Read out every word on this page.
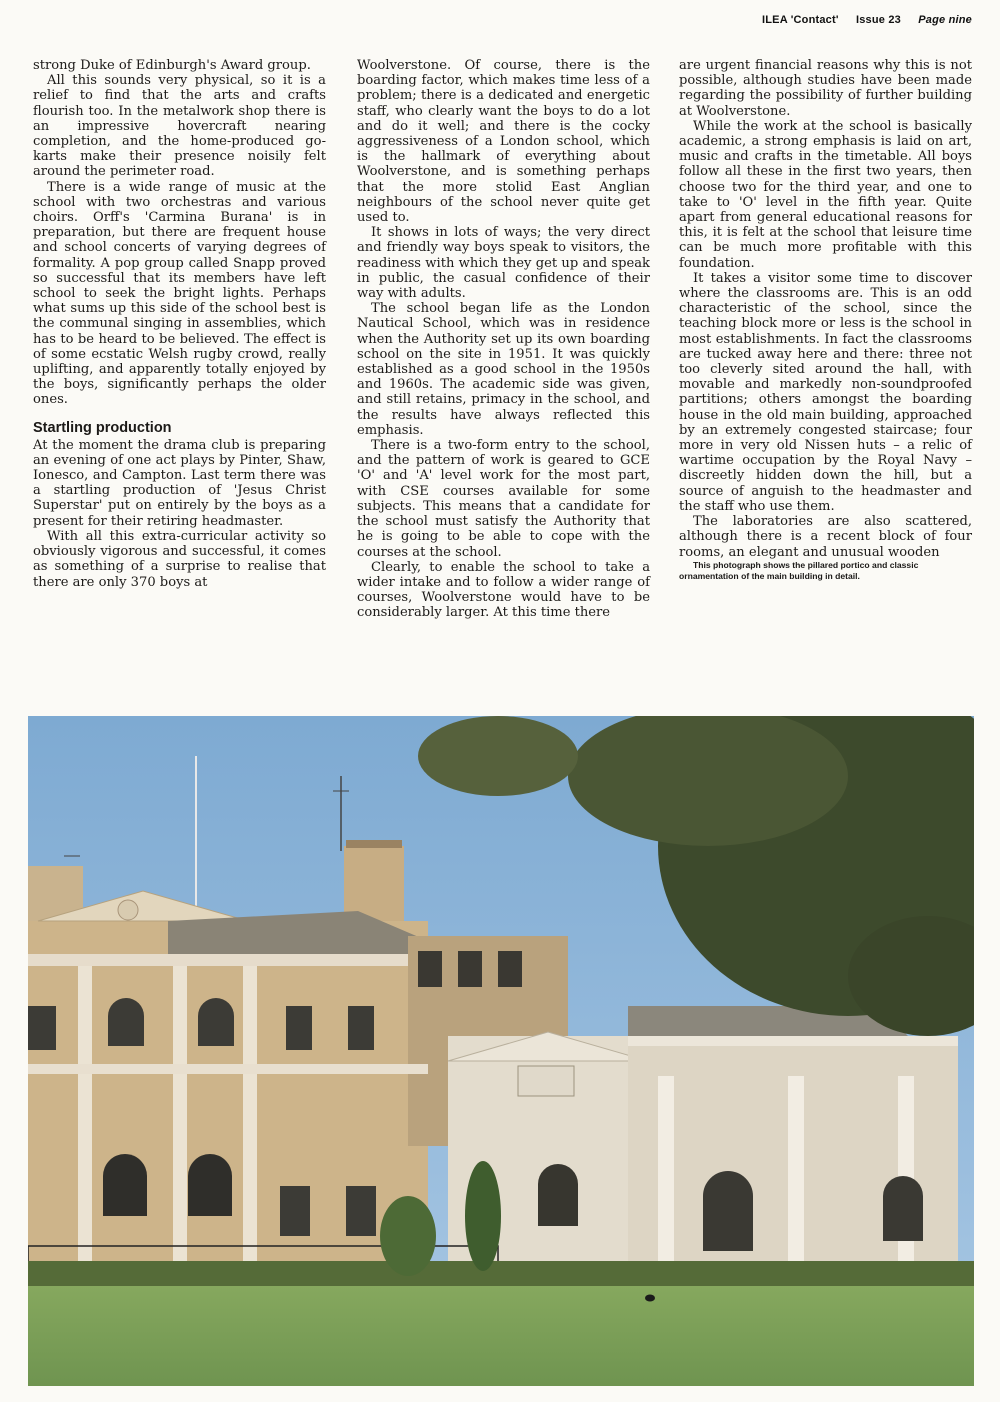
ILEA 'Contact' Issue 23 Page nine

strong Duke of Edinburgh's Award group.

All this sounds very physical, so it is a relief to find that the arts and crafts flourish too. In the metalwork shop there is an impressive hovercraft nearing completion, and the home-produced go-karts make their presence noisily felt around the perimeter road.

There is a wide range of music at the school with two orchestras and various choirs. Orff's 'Carmina Burana' is in preparation, but there are frequent house and school concerts of varying degrees of formality. A pop group called Snapp proved so successful that its members have left school to seek the bright lights. Perhaps what sums up this side of the school best is the communal singing in assemblies, which has to be heard to be believed. The effect is of some ecstatic Welsh rugby crowd, really uplifting, and apparently totally enjoyed by the boys, significantly perhaps the older ones.

Startling production

At the moment the drama club is preparing an evening of one act plays by Pinter, Shaw, Ionesco, and Campton. Last term there was a startling production of 'Jesus Christ Superstar' put on entirely by the boys as a present for their retiring headmaster.

With all this extra-curricular activity so obviously vigorous and successful, it comes as something of a surprise to realise that there are only 370 boys at

Woolverstone. Of course, there is the boarding factor, which makes time less of a problem; there is a dedicated and energetic staff, who clearly want the boys to do a lot and do it well; and there is the cocky aggressiveness of a London school, which is the hallmark of everything about Woolverstone, and is something perhaps that the more stolid East Anglian neighbours of the school never quite get used to.

It shows in lots of ways; the very direct and friendly way boys speak to visitors, the readiness with which they get up and speak in public, the casual confidence of their way with adults.

The school began life as the London Nautical School, which was in residence when the Authority set up its own boarding school on the site in 1951. It was quickly established as a good school in the 1950s and 1960s. The academic side was given, and still retains, primacy in the school, and the results have always reflected this emphasis.

There is a two-form entry to the school, and the pattern of work is geared to GCE 'O' and 'A' level work for the most part, with CSE courses available for some subjects. This means that a candidate for the school must satisfy the Authority that he is going to be able to cope with the courses at the school.

Clearly, to enable the school to take a wider intake and to follow a wider range of courses, Woolverstone would have to be considerably larger. At this time there

are urgent financial reasons why this is not possible, although studies have been made regarding the possibility of further building at Woolverstone.

While the work at the school is basically academic, a strong emphasis is laid on art, music and crafts in the timetable. All boys follow all these in the first two years, then choose two for the third year, and one to take to 'O' level in the fifth year. Quite apart from general educational reasons for this, it is felt at the school that leisure time can be much more profitable with this foundation.

It takes a visitor some time to discover where the classrooms are. This is an odd characteristic of the school, since the teaching block more or less is the school in most establishments. In fact the classrooms are tucked away here and there: three not too cleverly sited around the hall, with movable and markedly non-soundproofed partitions; others amongst the boarding house in the old main building, approached by an extremely congested staircase; four more in very old Nissen huts – a relic of wartime occupation by the Royal Navy – discreetly hidden down the hill, but a source of anguish to the headmaster and the staff who use them.

The laboratories are also scattered, although there is a recent block of four rooms, an elegant and unusual wooden

This photograph shows the pillared portico and classic ornamentation of the main building in detail.
